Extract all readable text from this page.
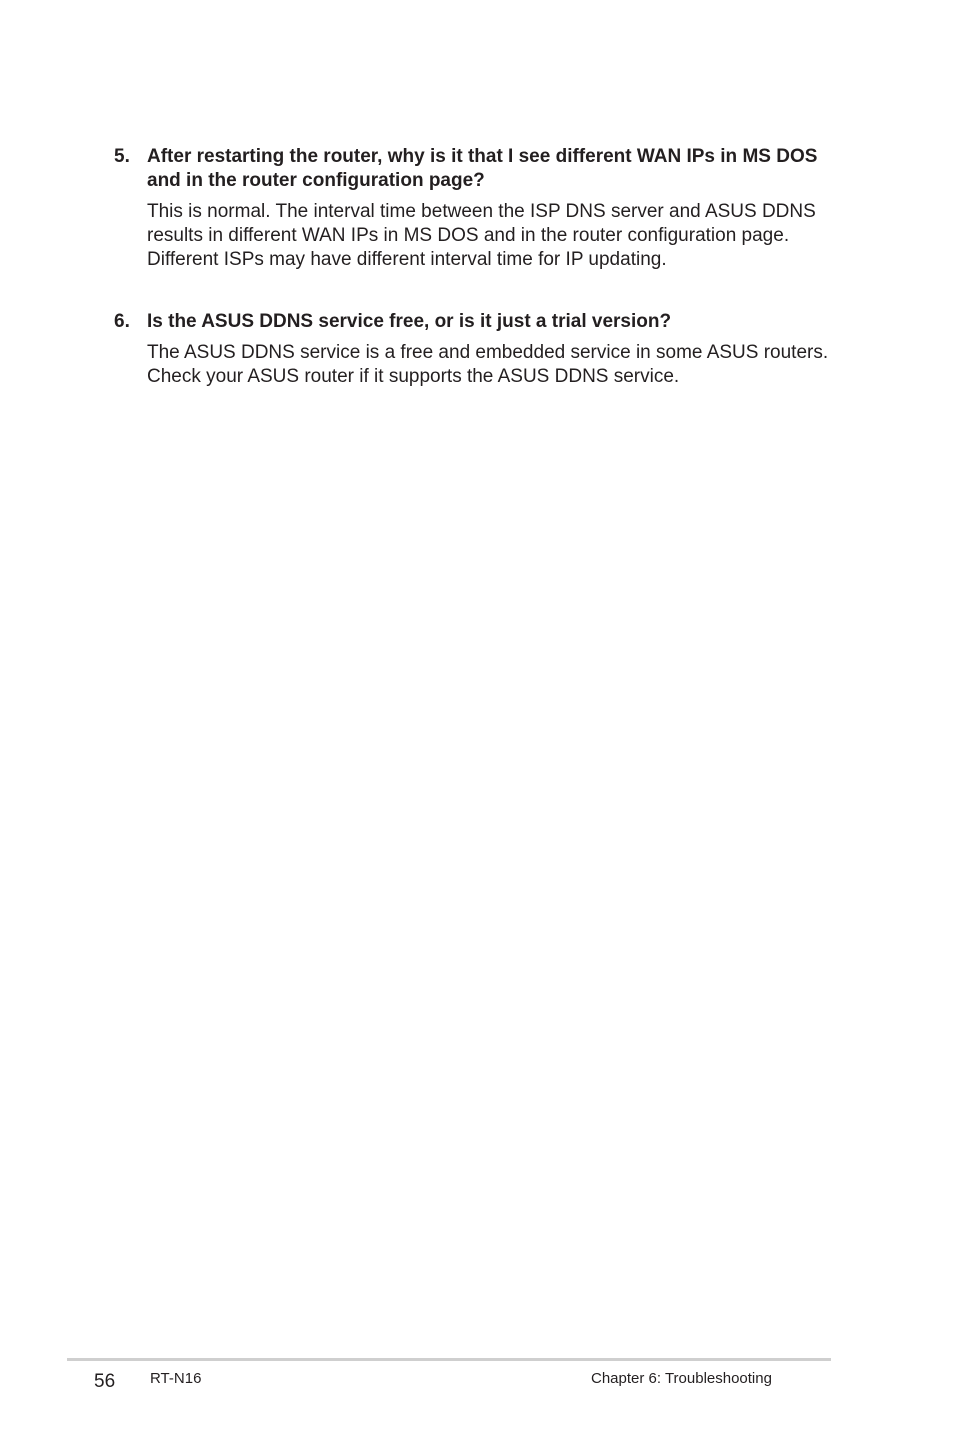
5. After restarting the router, why is it that I see different WAN IPs in MS DOS and in the router configuration page?
This is normal. The interval time between the ISP DNS server and ASUS DDNS results in different WAN IPs in MS DOS and in the router configuration page. Different ISPs may have different interval time for IP updating.
6. Is the ASUS DDNS service free, or is it just a trial version?
The ASUS DDNS service is a free and embedded service in some ASUS routers. Check your ASUS router if it supports the ASUS DDNS service.
56 RT-N16	Chapter 6: Troubleshooting
